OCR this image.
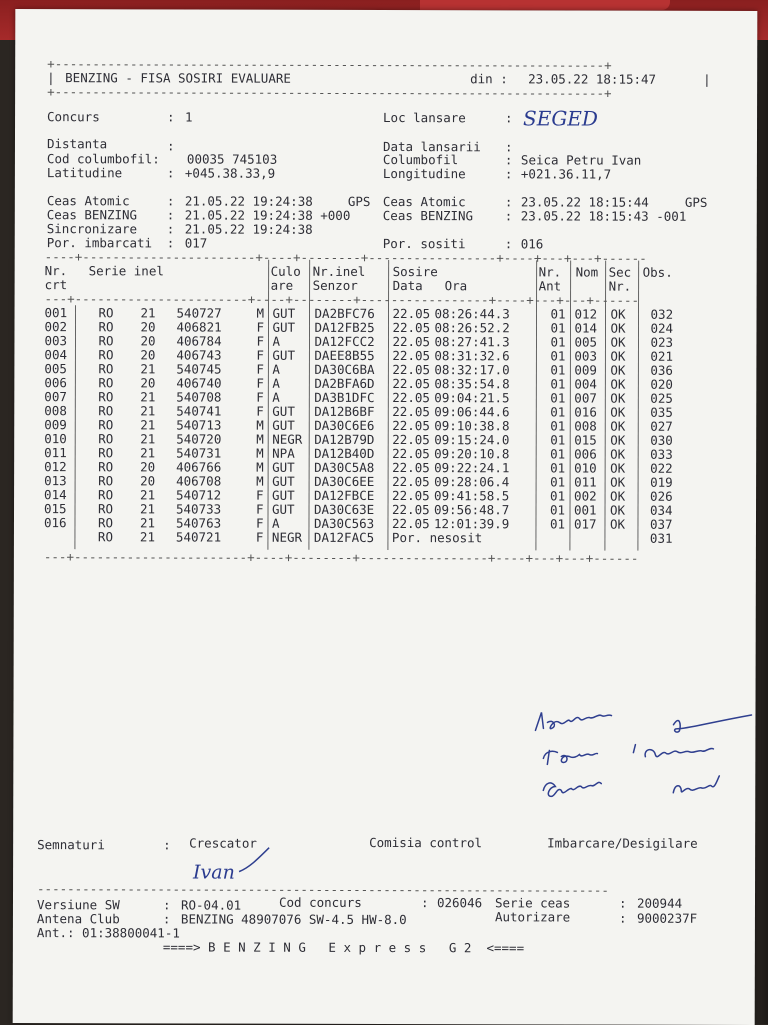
+-------------------------------------------------------------------------+
| BENZING - FISA SOSIRI EVALUARE	din : 23.05.22 18:15:47	|
+-------------------------------------------------------------------------+
Concurs	: 1	Loc lansare	: SEGED
Distanta	:	Data lansarii :
Cod columbofil: 00035 745103	Columbofil	: Seica Petru Ivan
Latitudine	: +045.38.33,9	Longitudine	: +021.36.11,7
Ceas Atomic	: 21.05.22 19:24:38	GPS Ceas Atomic	: 23.05.22 18:15:44	GPS
Ceas BENZING : 21.05.22 19:24:38 +000	Ceas BENZING	: 23.05.22 18:15:43 -001
Sincronizare : 21.05.22 19:24:38
Por. imbarcati : 017	Por. sositi	: 016
----+-----------------------+----+--------+-----------------+----+---+---+------
Nr. Serie inel	Culo Nr.inel Sosire	Nr. Nom Sec Obs.
crt	are Senzor	Data Ora	Ant	Nr.
---+-----------------------+----+--------+-----------------+----+---+---+------
001	RO 21 540727	M GUT DA2BFC76 22.05 08:26:44.3	01 012 OK 032
002	RO 20 406821	F GUT DA12FB25 22.05 08:26:52.2	01 014 OK 024
003	RO 20 406784	F A	DA12FCC2 22.05 08:27:41.3	01 005 OK 023
004	RO 20 406743	F GUT DAEE8B55 22.05 08:31:32.6	01 003 OK 021
005	RO 21 540745	F A	DA30C6BA 22.05 08:32:17.0	01 009 OK 036
006	RO 20 406740	F A	DA2BFA6D 22.05 08:35:54.8	01 004 OK 020
007	RO 21 540708	F A	DA3B1DFC 22.05 09:04:21.5	01 007 OK 025
008	RO 21 540741	F GUT DA12B6BF 22.05 09:06:44.6	01 016 OK 035
009	RO 21 540713	M GUT DA30C6E6 22.05 09:10:38.8	01 008 OK 027
010	RO 21 540720	M NEGR DA12B79D 22.05 09:15:24.0	01 015 OK 030
011	RO 21 540731	M NPA DA12B40D 22.05 09:20:10.8	01 006 OK 033
012	RO 20 406766	M GUT DA30C5A8 22.05 09:22:24.1	01 010 OK 022
013	RO 20 406708	M GUT DA30C6EE 22.05 09:28:06.4	01 011 OK 019
014	RO 21 540712	F GUT DA12FBCE 22.05 09:41:58.5	01 002 OK 026
015	RO 21 540733	F GUT DA30C63E 22.05 09:56:48.7	01 001 OK 034
016	RO 21 540763	F A	DA30C563 22.05 12:01:39.9	01 017 OK 037
RO 21 540721	F NEGR DA12FAC5 Por. nesosit	031
---+-----------------------+----+--------+-----------------+----+---+---+------
Semnaturi	: Crescator	Comisia control	Imbarcare/Desigilare
Ivan
----------------------------------------------------------------------------
Versiune SW	: RO-04.01	Cod concurs	: 026046 Serie ceas	: 200944
Antena Club	: BENZING 48907076 SW-4.5 HW-8.0	Autorizare	: 9000237F
Ant.: 01:38800041-1
====> B E N Z I N G   E x p r e s s   G 2  <====
